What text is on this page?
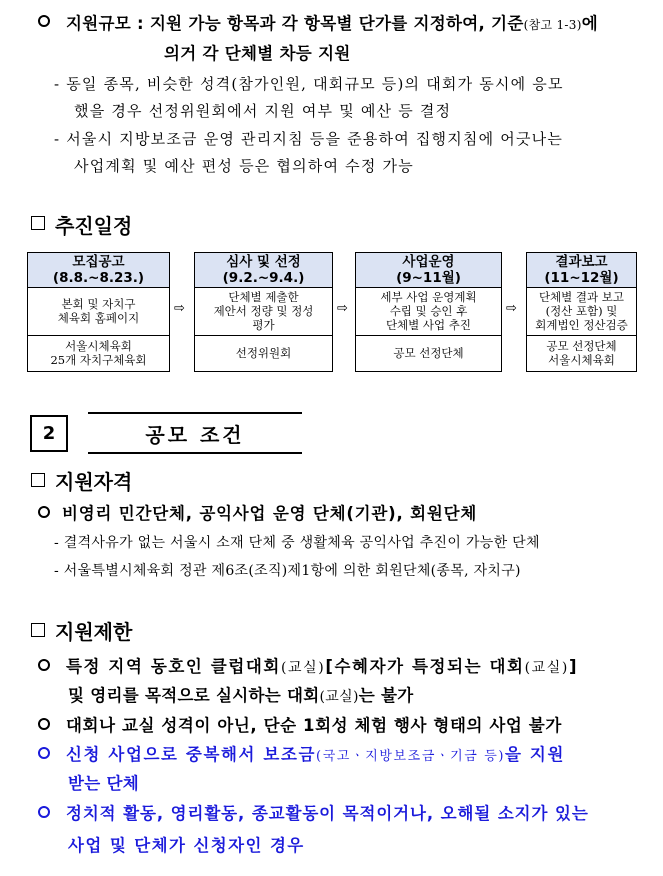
지원규모 : 지원 가능 항목과 각 항목별 단가를 지정하여, 기준(참고 1-3)에
의거 각 단체별 차등 지원
- 동일 종목, 비슷한 성격(참가인원, 대회규모 등)의 대회가 동시에 응모
했을 경우 선정위원회에서 지원 여부 및 예산 등 결정
- 서울시 지방보조금 운영 관리지침 등을 준용하여 집행지침에 어긋나는
사업계획 및 예산 편성 등은 협의하여 수정 가능
추진일정
모집공고
(8.8.~8.23.)
본회 및 자치구
체육회 홈페이지
서울시체육회
25개 자치구체육회
⇨
심사 및 선정
(9.2.~9.4.)
단체별 제출한
제안서 정량 및 정성
평가
선정위원회
⇨
사업운영
(9~11월)
세부 사업 운영계획
수립 및 승인 후
단체별 사업 추진
공모 선정단체
⇨
결과보고
(11~12월)
단체별 결과 보고
(정산 포함) 및
회계법인 정산검증
공모 선정단체
서울시체육회
2	공모 조건
지원자격
비영리 민간단체, 공익사업 운영 단체(기관), 회원단체
- 결격사유가 없는 서울시 소재 단체 중 생활체육 공익사업 추진이 가능한 단체
- 서울특별시체육회 정관 제6조(조직)제1항에 의한 회원단체(종목, 자치구)
지원제한
특정 지역 동호인 클럽대회(교실)[수혜자가 특정되는 대회(교실)]
및 영리를 목적으로 실시하는 대회(교실)는 불가
대회나 교실 성격이 아닌, 단순 1회성 체험 행사 형태의 사업 불가
신청 사업으로 중복해서 보조금(국고ㆍ지방보조금ㆍ기금 등)을 지원
받는 단체
정치적 활동, 영리활동, 종교활동이 목적이거나, 오해될 소지가 있는
사업 및 단체가 신청자인 경우
